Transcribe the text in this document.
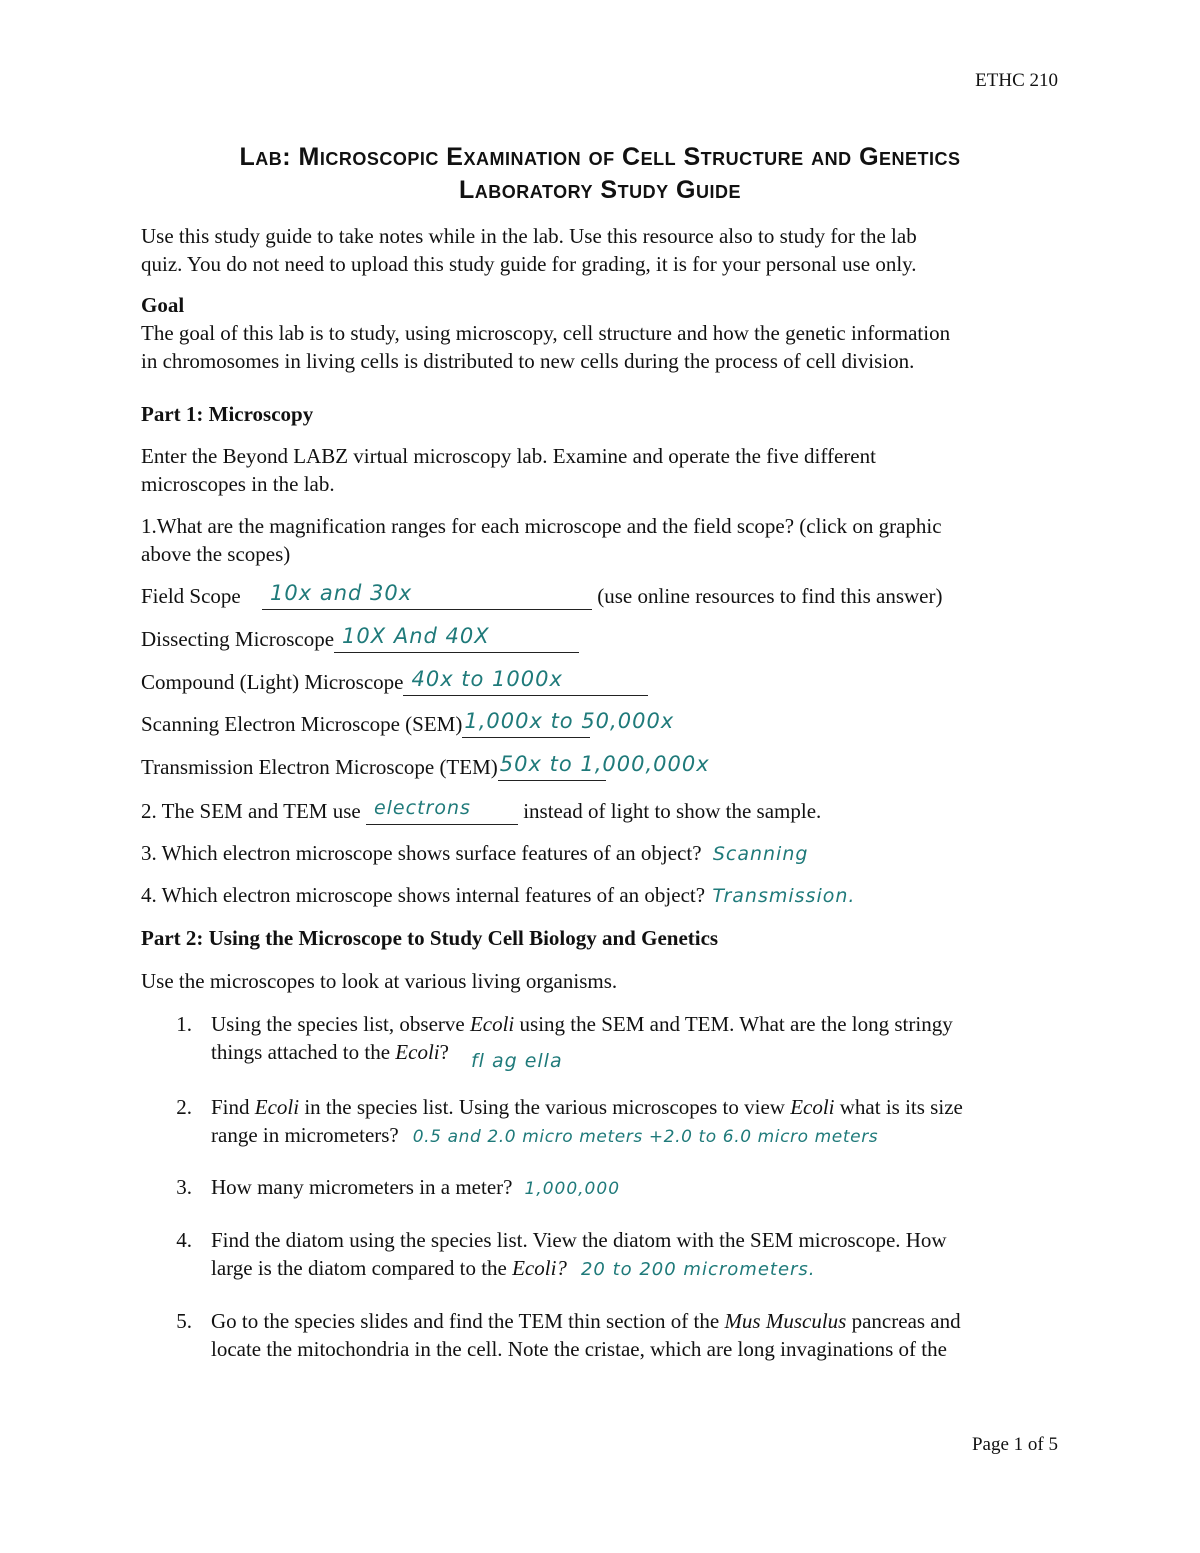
ETHC 210
Lab: Microscopic Examination of Cell Structure and Genetics
Laboratory Study Guide
Use this study guide to take notes while in the lab. Use this resource also to study for the lab
quiz. You do not need to upload this study guide for grading, it is for your personal use only.
Goal
The goal of this lab is to study, using microscopy, cell structure and how the genetic information
in chromosomes in living cells is distributed to new cells during the process of cell division.
Part 1: Microscopy
Enter the Beyond LABZ virtual microscopy lab. Examine and operate the five different
microscopes in the lab.
1.What are the magnification ranges for each microscope and the field scope? (click on graphic
above the scopes)
Field Scope 10x and 30x	(use online resources to find this answer)
Dissecting Microscope 10X And 40X
Compound (Light) Microscope 40x to 1000x
Scanning Electron Microscope (SEM) 1,000x to 50,000x
Transmission Electron Microscope (TEM) 50x to 1,000,000x
2. The SEM and TEM use electrons instead of light to show the sample.
3. Which electron microscope shows surface features of an object? Scanning
4. Which electron microscope shows internal features of an object? Transmission.
Part 2: Using the Microscope to Study Cell Biology and Genetics
Use the microscopes to look at various living organisms.
1. Using the species list, observe Ecoli using the SEM and TEM. What are the long stringy
things attached to the Ecoli? fl ag ella
2. Find Ecoli in the species list. Using the various microscopes to view Ecoli what is its size
range in micrometers? 0.5 and 2.0 micro meters +2.0 to 6.0 micro meters
3. How many micrometers in a meter? 1,000,000
4. Find the diatom using the species list. View the diatom with the SEM microscope. How
large is the diatom compared to the Ecoli? 20 to 200 micrometers.
5. Go to the species slides and find the TEM thin section of the Mus Musculus pancreas and
locate the mitochondria in the cell. Note the cristae, which are long invaginations of the
Page 1 of 5
